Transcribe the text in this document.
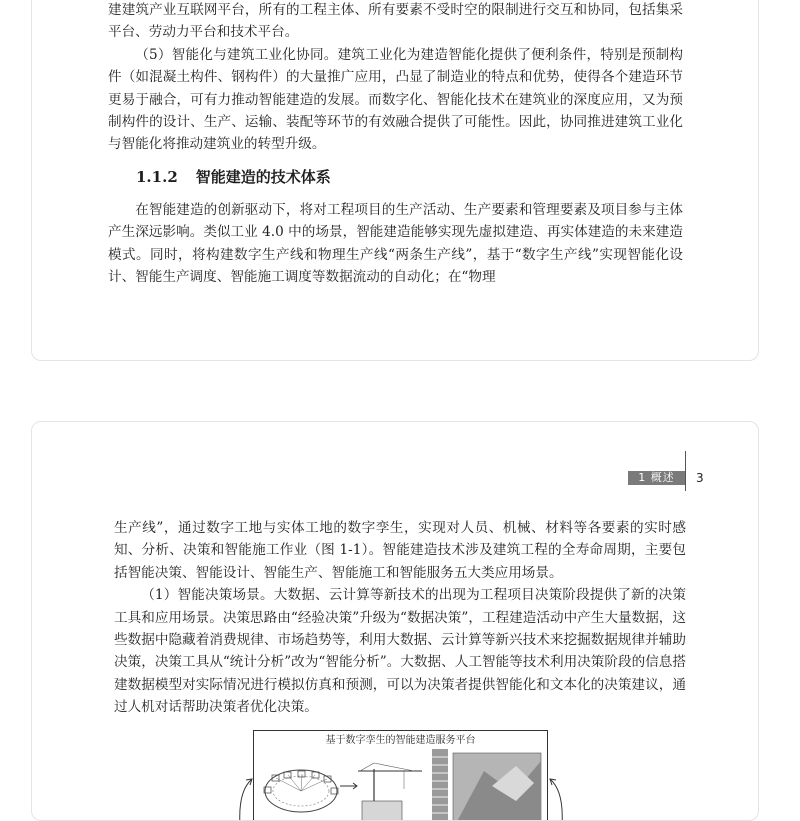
建建筑产业互联网平台，所有的工程主体、所有要素不受时空的限制进行交互和协同，包括集采平台、劳动力平台和技术平台。

（5）智能化与建筑工业化协同。建筑工业化为建造智能化提供了便利条件，特别是预制构件（如混凝土构件、钢构件）的大量推广应用，凸显了制造业的特点和优势，使得各个建造环节更易于融合，可有力推动智能建造的发展。而数字化、智能化技术在建筑业的深度应用，又为预制构件的设计、生产、运输、装配等环节的有效融合提供了可能性。因此，协同推进建筑工业化与智能化将推动建筑业的转型升级。

1.1.2 智能建造的技术体系

在智能建造的创新驱动下，将对工程项目的生产活动、生产要素和管理要素及项目参与主体产生深远影响。类似工业 4.0 中的场景，智能建造能够实现先虚拟建造、再实体建造的未来建造模式。同时，将构建数字生产线和物理生产线“两条生产线”，基于“数字生产线”实现智能化设计、智能生产调度、智能施工调度等数据流动的自动化；在“物理

1 概述	3

生产线”，通过数字工地与实体工地的数字孪生，实现对人员、机械、材料等各要素的实时感知、分析、决策和智能施工作业（图 1-1）。智能建造技术涉及建筑工程的全寿命周期，主要包括智能决策、智能设计、智能生产、智能施工和智能服务五大类应用场景。

（1）智能决策场景。大数据、云计算等新技术的出现为工程项目决策阶段提供了新的决策工具和应用场景。决策思路由“经验决策”升级为“数据决策”，工程建造活动中产生大量数据，这些数据中隐藏着消费规律、市场趋势等，利用大数据、云计算等新兴技术来挖掘数据规律并辅助决策，决策工具从“统计分析”改为“智能分析”。大数据、人工智能等技术利用决策阶段的信息搭建数据模型对实际情况进行模拟仿真和预测，可以为决策者提供智能化和文本化的决策建议，通过人机对话帮助决策者优化决策。

基于数字孪生的智能建造服务平台
